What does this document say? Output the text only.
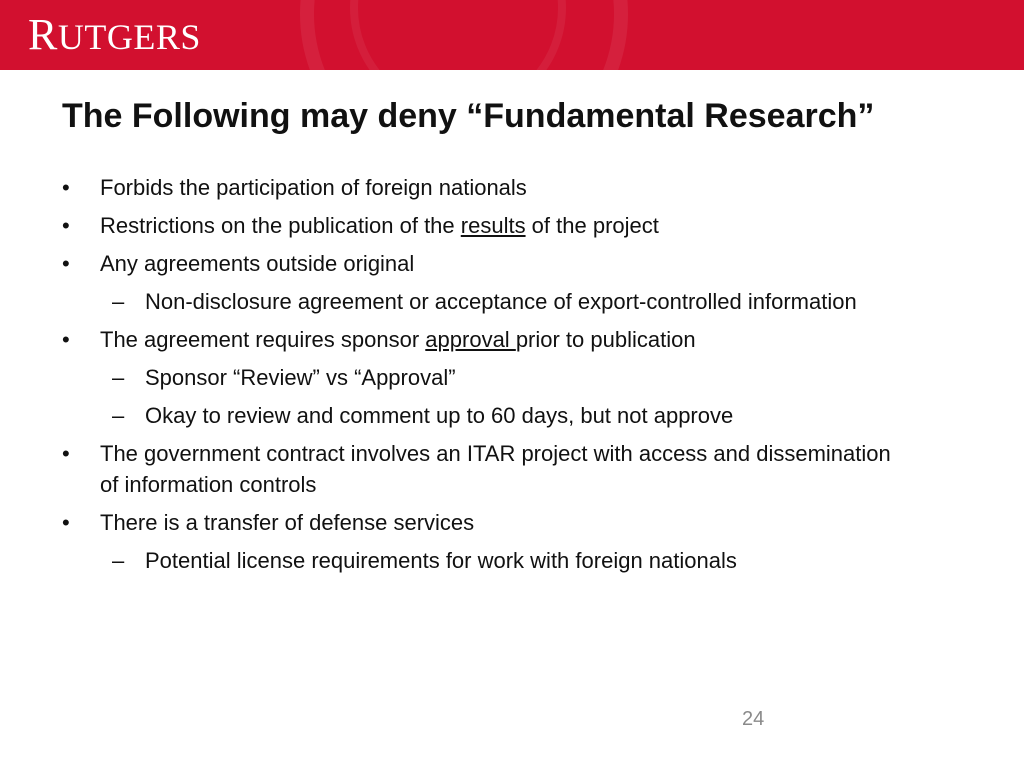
RUTGERS
The Following may deny “Fundamental Research”
• Forbids the participation of foreign nationals
• Restrictions on the publication of the results of the project
• Any agreements outside original
– Non-disclosure agreement or acceptance of export-controlled information
• The agreement requires sponsor approval prior to publication
– Sponsor “Review” vs “Approval”
– Okay to review and comment up to 60 days, but not approve
• The government contract involves an ITAR project with access and dissemination of information controls
• There is a transfer of defense services
– Potential license requirements for work with foreign nationals
24
